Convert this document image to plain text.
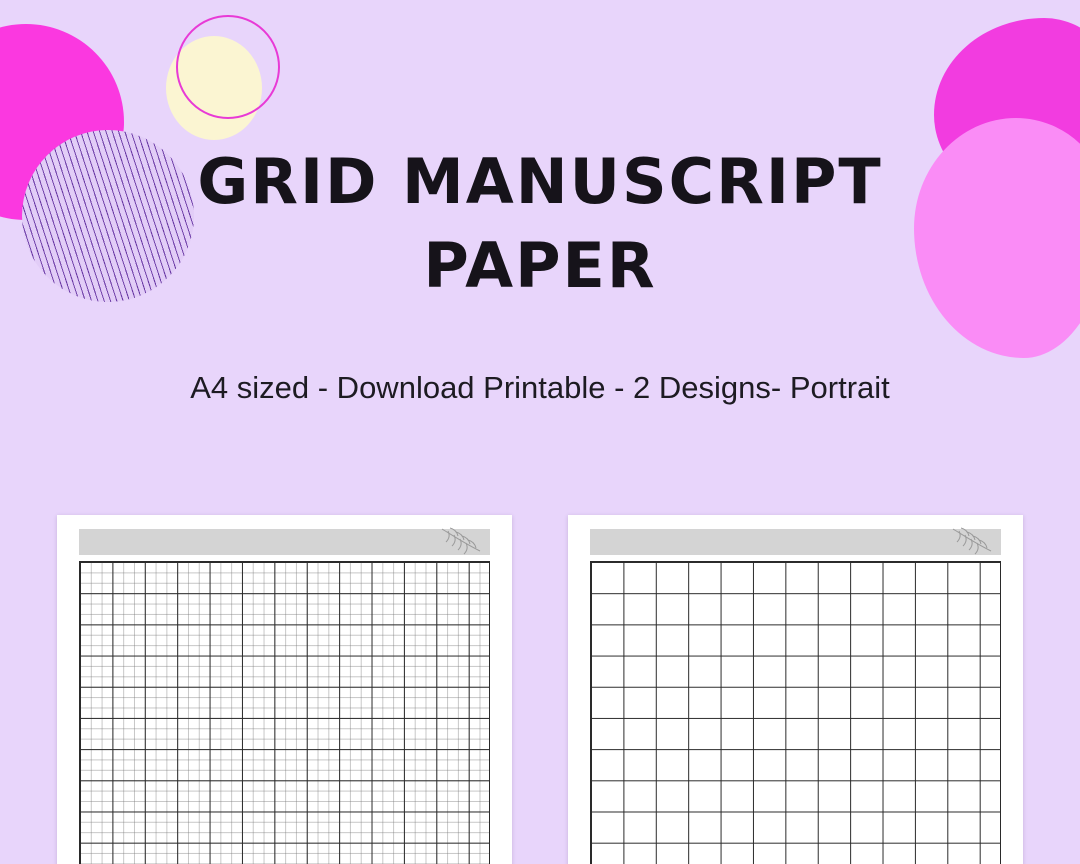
GRID MANUSCRIPT
PAPER
A4 sized - Download Printable - 2 Designs- Portrait
